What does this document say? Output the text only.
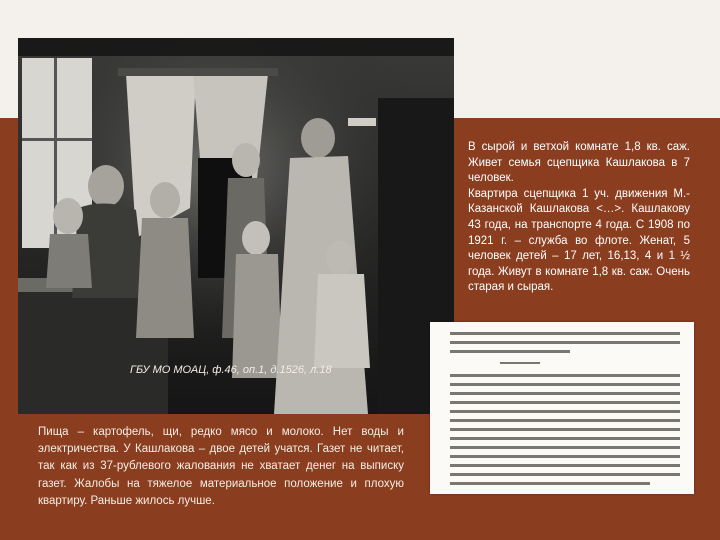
ГБУ МО МОАЦ, ф.46, оп.1, д.1526, л.18

В сырой и ветхой комнате 1,8 кв. саж. Живет семья сцепщика Кашлакова в 7 человек.

Квартира сцепщика 1 уч. движения М.-Казанской Кашлакова <…>. Кашлакову 43 года, на транспорте 4 года. С 1908 по 1921 г. – служба во флоте. Женат, 5 человек детей – 17 лет, 16,13, 4 и 1 ½ года. Живут в комнате 1,8 кв. саж. Очень старая и сырая.

Пища – картофель, щи, редко мясо и молоко. Нет воды и электричества. У Кашлакова – двое детей учатся. Газет не читает, так как из 37-рублевого жалования не хватает денег на выписку газет. Жалобы на тяжелое материальное положение и плохую квартиру. Раньше жилось лучше.
